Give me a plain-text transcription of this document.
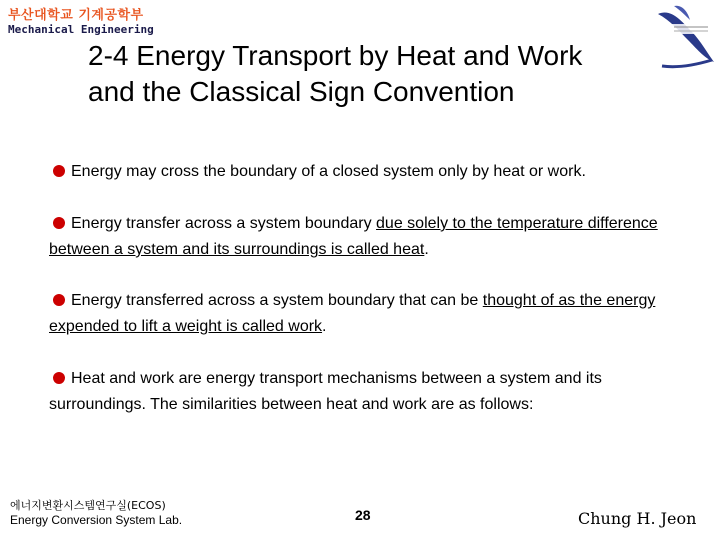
부산대학교 기계공학부
Mechanical Engineering
2-4 Energy Transport by Heat and Work
and the Classical Sign Convention
Energy may cross the boundary of a closed system only by heat or work.
Energy transfer across a system boundary due solely to the temperature difference between a system and its surroundings is called heat.
Energy transferred across a system boundary that can be thought of as the energy expended to lift a weight is called work.
Heat and work are energy transport mechanisms between a system and its surroundings. The similarities between heat and work are as follows:
에너지변환시스템연구실(ECOS)
Energy Conversion System Lab.	28	Chung H. Jeon
